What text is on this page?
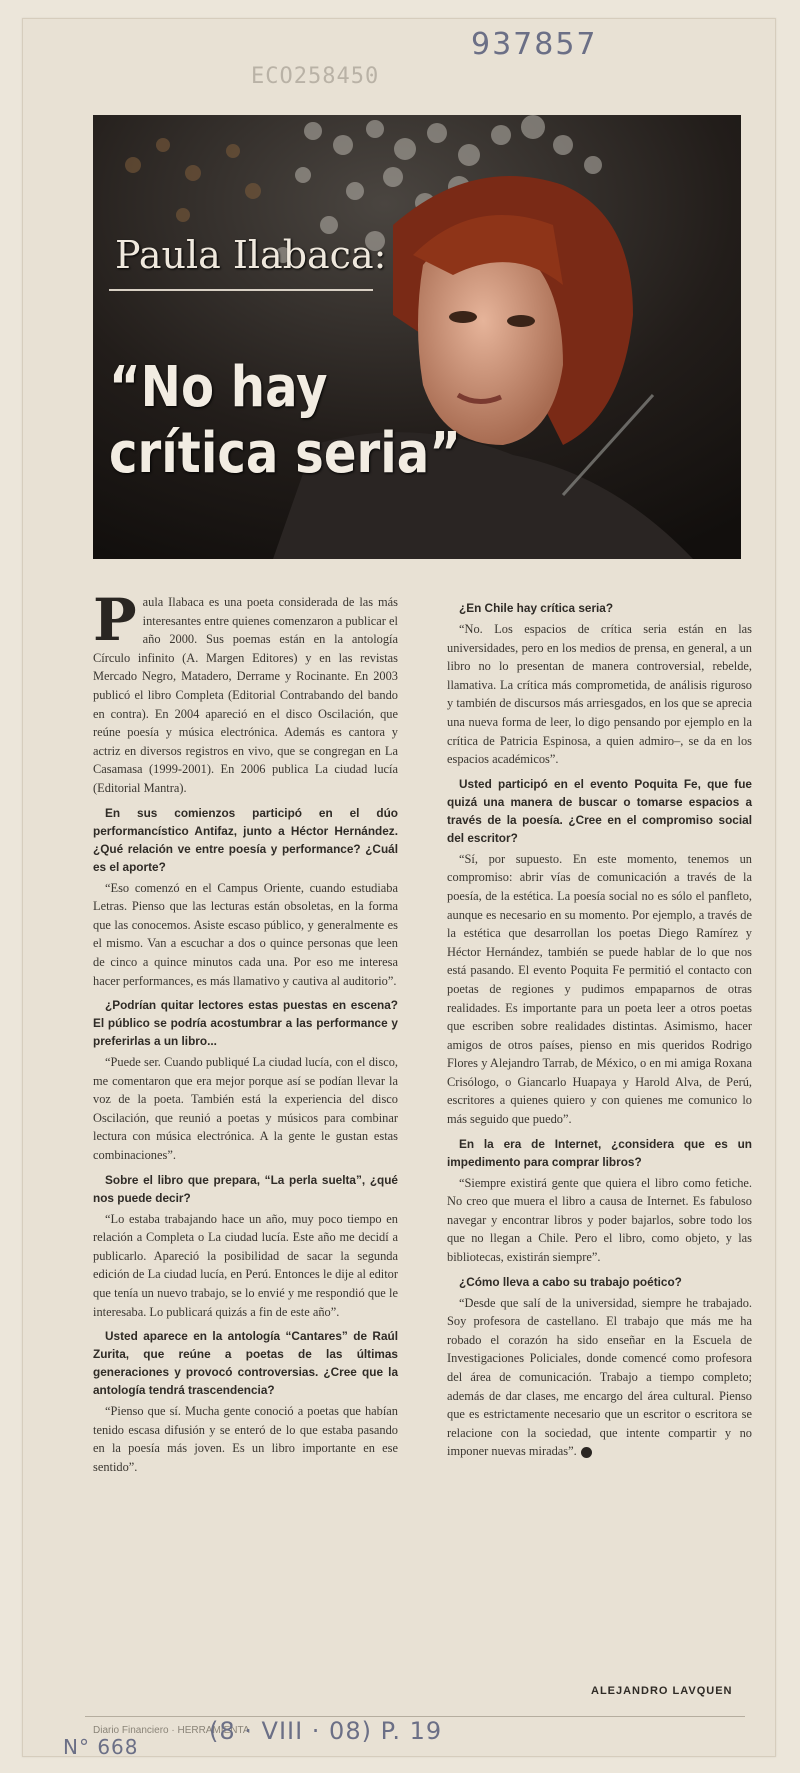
937857
ECO258450
Paula Ilabaca:
“No hay crítica seria”
P aula Ilabaca es una poeta considerada de las más interesantes entre quienes comenzaron a publicar el año 2000. Sus poemas están en la antología Círculo infinito (A. Margen Editores) y en las revistas Mercado Negro, Matadero, Derrame y Rocinante. En 2003 publicó el libro Completa (Editorial Contrabando del bando en contra). En 2004 apareció en el disco Oscilación, que reúne poesía y música electrónica. Además es cantora y actriz en diversos registros en vivo, que se congregan en La Casamasa (1999-2001). En 2006 publica La ciudad lucía (Editorial Mantra).

En sus comienzos participó en el dúo performancístico Antifaz, junto a Héctor Hernández. ¿Qué relación ve entre poesía y performance? ¿Cuál es el aporte?

“Eso comenzó en el Campus Oriente, cuando estudiaba Letras. Pienso que las lecturas están obsoletas, en la forma que las conocemos. Asiste escaso público, y generalmente es el mismo. Van a escuchar a dos o quince personas que leen de cinco a quince minutos cada una. Por eso me interesa hacer performances, es más llamativo y cautiva al auditorio”.

¿Podrían quitar lectores estas puestas en escena? El público se podría acostumbrar a las performance y preferirlas a un libro...

“Puede ser. Cuando publiqué La ciudad lucía, con el disco, me comentaron que era mejor porque así se podían llevar la voz de la poeta. También está la experiencia del disco Oscilación, que reunió a poetas y músicos para combinar lectura con música electrónica. A la gente le gustan estas combinaciones”.

Sobre el libro que prepara, “La perla suelta”, ¿qué nos puede decir?

“Lo estaba trabajando hace un año, muy poco tiempo en relación a Completa o La ciudad lucía. Este año me decidí a publicarlo. Apareció la posibilidad de sacar la segunda edición de La ciudad lucía, en Perú. Entonces le dije al editor que tenía un nuevo trabajo, se lo envié y me respondió que le interesaba. Lo publicará quizás a fin de este año”.

Usted aparece en la antología “Cantares” de Raúl Zurita, que reúne a poetas de las últimas generaciones y provocó controversias. ¿Cree que la antología tendrá trascendencia?

“Pienso que sí. Mucha gente conoció a poetas que habían tenido escasa difusión y se enteró de lo que estaba pasando en la poesía más joven. Es un libro importante en ese sentido”.

¿En Chile hay crítica seria?

“No. Los espacios de crítica seria están en las universidades, pero en los medios de prensa, en general, a un libro no lo presentan de manera controversial, rebelde, llamativa. La crítica más comprometida, de análisis riguroso y también de discursos más arriesgados, en los que se aprecia una nueva forma de leer, lo digo pensando por ejemplo en la crítica de Patricia Espinosa, a quien admiro–, se da en los espacios académicos”.

Usted participó en el evento Poquita Fe, que fue quizá una manera de buscar o tomarse espacios a través de la poesía. ¿Cree en el compromiso social del escritor?

“Sí, por supuesto. En este momento, tenemos un compromiso: abrir vías de comunicación a través de la poesía, de la estética. La poesía social no es sólo el panfleto, aunque es necesario en su momento. Por ejemplo, a través de la estética que desarrollan los poetas Diego Ramírez y Héctor Hernández, también se puede hablar de lo que nos está pasando. El evento Poquita Fe permitió el contacto con poetas de regiones y pudimos empaparnos de otras realidades. Es importante para un poeta leer a otros poetas que escriben sobre realidades distintas. Asimismo, hacer amigos de otros países, pienso en mis queridos Rodrigo Flores y Alejandro Tarrab, de México, o en mi amiga Roxana Crisólogo, o Giancarlo Huapaya y Harold Alva, de Perú, escritores a quienes quiero y con quienes me comunico lo más seguido que puedo”.

En la era de Internet, ¿considera que es un impedimento para comprar libros?

“Siempre existirá gente que quiera el libro como fetiche. No creo que muera el libro a causa de Internet. Es fabuloso navegar y encontrar libros y poder bajarlos, sobre todo los que no llegan a Chile. Pero el libro, como objeto, y las bibliotecas, existirán siempre”.

¿Cómo lleva a cabo su trabajo poético?

“Desde que salí de la universidad, siempre he trabajado. Soy profesora de castellano. El trabajo que más me ha robado el corazón ha sido enseñar en la Escuela de Investigaciones Policiales, donde comencé como profesora del área de comunicación. Trabajo a tiempo completo; además de dar clases, me encargo del área cultural. Pienso que es estrictamente necesario que un escritor o escritora se relacione con la sociedad, que intente compartir y no imponer nuevas miradas”.

ALEJANDRO LAVQUEN
Diario Financiero · HERRAMIENTA
(8 · VIII · 08) P. 19
N° 668
